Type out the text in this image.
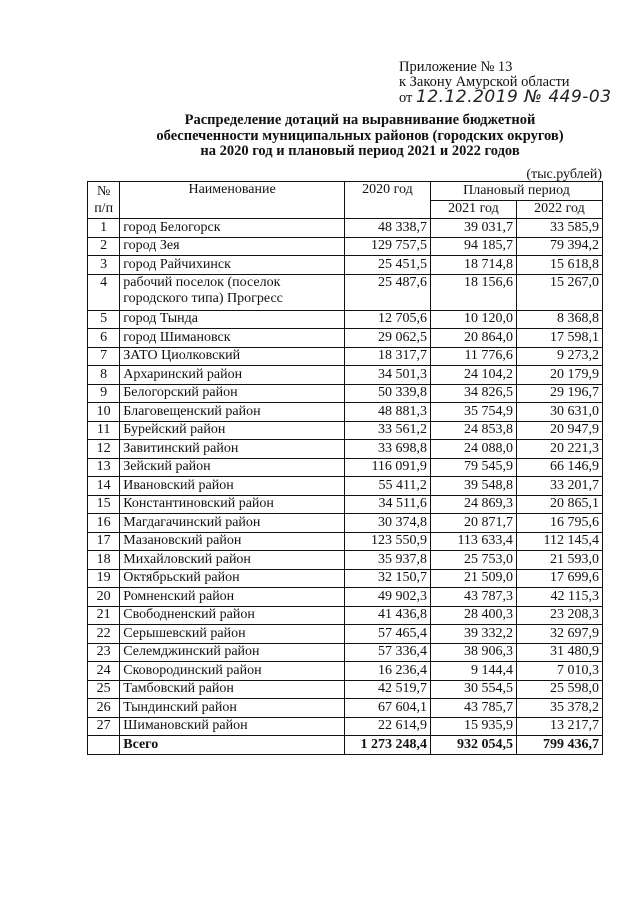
Приложение № 13
к Закону Амурской области
от 12.12.2019 № 449-03
Распределение дотаций на выравнивание бюджетной
обеспеченности муниципальных районов (городских округов)
на 2020 год и плановый период 2021 и 2022 годов
(тыс.рублей)
№ п/п	Наименование	2020 год	Плановый период	
			2021 год	2022 год
1	город Белогорск	48 338,7	39 031,7	33 585,9
2	город Зея	129 757,5	94 185,7	79 394,2
3	город Райчихинск	25 451,5	18 714,8	15 618,8
4	рабочий поселок (поселок городского типа) Прогресс	25 487,6	18 156,6	15 267,0
5	город Тында	12 705,6	10 120,0	8 368,8
6	город Шимановск	29 062,5	20 864,0	17 598,1
7	ЗАТО Циолковский	18 317,7	11 776,6	9 273,2
8	Архаринский район	34 501,3	24 104,2	20 179,9
9	Белогорский район	50 339,8	34 826,5	29 196,7
10	Благовещенский район	48 881,3	35 754,9	30 631,0
11	Бурейский район	33 561,2	24 853,8	20 947,9
12	Завитинский район	33 698,8	24 088,0	20 221,3
13	Зейский район	116 091,9	79 545,9	66 146,9
14	Ивановский район	55 411,2	39 548,8	33 201,7
15	Константиновский район	34 511,6	24 869,3	20 865,1
16	Магдагачинский район	30 374,8	20 871,7	16 795,6
17	Мазановский район	123 550,9	113 633,4	112 145,4
18	Михайловский район	35 937,8	25 753,0	21 593,0
19	Октябрьский район	32 150,7	21 509,0	17 699,6
20	Ромненский район	49 902,3	43 787,3	42 115,3
21	Свободненский район	41 436,8	28 400,3	23 208,3
22	Серышевский район	57 465,4	39 332,2	32 697,9
23	Селемджинский район	57 336,4	38 906,3	31 480,9
24	Сковородинский район	16 236,4	9 144,4	7 010,3
25	Тамбовский район	42 519,7	30 554,5	25 598,0
26	Тындинский район	67 604,1	43 785,7	35 378,2
27	Шимановский район	22 614,9	15 935,9	13 217,7
	Всего	1 273 248,4	932 054,5	799 436,7
